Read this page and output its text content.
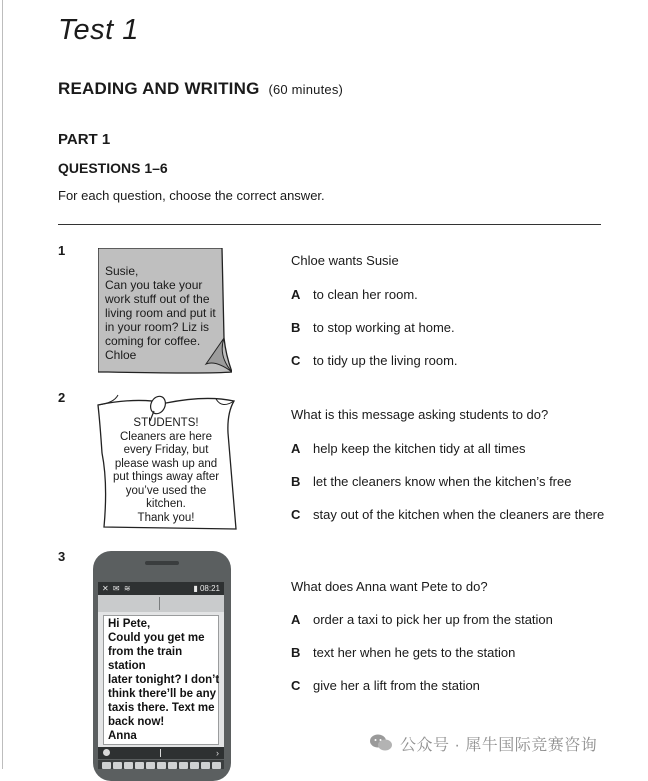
Test 1
READING AND WRITING (60 minutes)
PART 1
QUESTIONS 1–6
For each question, choose the correct answer.
1
Susie,
Can you take your
work stuff out of the
living room and put it
in your room? Liz is
coming for coffee.
Chloe
Chloe wants Susie
A to clean her room.
B to stop working at home.
C to tidy up the living room.
2
STUDENTS!
Cleaners are here
every Friday, but
please wash up and
put things away after
you’ve used the
kitchen.
Thank you!
What is this message asking students to do?
A help keep the kitchen tidy at all times
B let the cleaners know when the kitchen’s free
C stay out of the kitchen when the cleaners are there
3
✕ ✉ ≋	▮ 08:21
Hi Pete,
Could you get me
from the train station
later tonight? I don’t
think there’ll be any
taxis there. Text me
back now!
Anna
›
What does Anna want Pete to do?
A order a taxi to pick her up from the station
B text her when he gets to the station
C give her a lift from the station
公众号 · 犀牛国际竞赛咨询
